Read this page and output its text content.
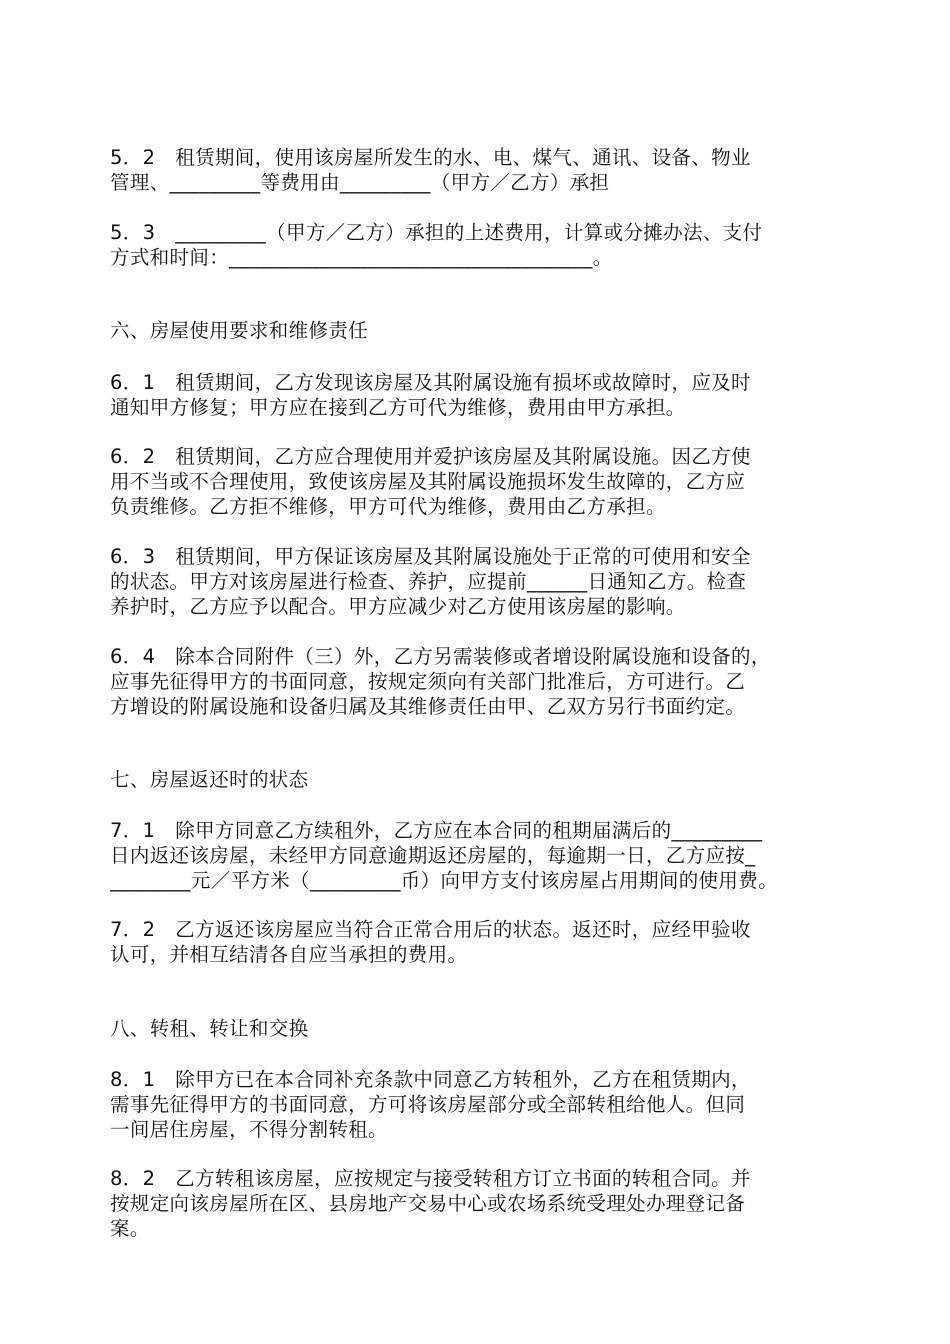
5．2　租赁期间，使用该房屋所发生的水、电、煤气、通讯、设备、物业
管理、_________等费用由_________（甲方／乙方）承担
5．3　_________（甲方／乙方）承担的上述费用，计算或分摊办法、支付
方式和时间：____________________________________。
六、房屋使用要求和维修责任
6．1　租赁期间，乙方发现该房屋及其附属设施有损坏或故障时，应及时
通知甲方修复；甲方应在接到乙方可代为维修，费用由甲方承担。
6．2　租赁期间，乙方应合理使用并爱护该房屋及其附属设施。因乙方使
用不当或不合理使用，致使该房屋及其附属设施损坏发生故障的，乙方应
负责维修。乙方拒不维修，甲方可代为维修，费用由乙方承担。
6．3　租赁期间，甲方保证该房屋及其附属设施处于正常的可使用和安全
的状态。甲方对该房屋进行检查、养护，应提前______日通知乙方。检查
养护时，乙方应予以配合。甲方应减少对乙方使用该房屋的影响。
6．4　除本合同附件（三）外，乙方另需装修或者增设附属设施和设备的，
应事先征得甲方的书面同意，按规定须向有关部门批准后，方可进行。乙
方增设的附属设施和设备归属及其维修责任由甲、乙双方另行书面约定。
七、房屋返还时的状态
7．1　除甲方同意乙方续租外，乙方应在本合同的租期届满后的_________
日内返还该房屋，未经甲方同意逾期返还房屋的，每逾期一日，乙方应按_
________元／平方米（_________币）向甲方支付该房屋占用期间的使用费。
7．2　乙方返还该房屋应当符合正常合用后的状态。返还时，应经甲验收
认可，并相互结清各自应当承担的费用。
八、转租、转让和交换
8．1　除甲方已在本合同补充条款中同意乙方转租外，乙方在租赁期内，
需事先征得甲方的书面同意，方可将该房屋部分或全部转租给他人。但同
一间居住房屋，不得分割转租。
8．2　乙方转租该房屋，应按规定与接受转租方订立书面的转租合同。并
按规定向该房屋所在区、县房地产交易中心或农场系统受理处办理登记备
案。
